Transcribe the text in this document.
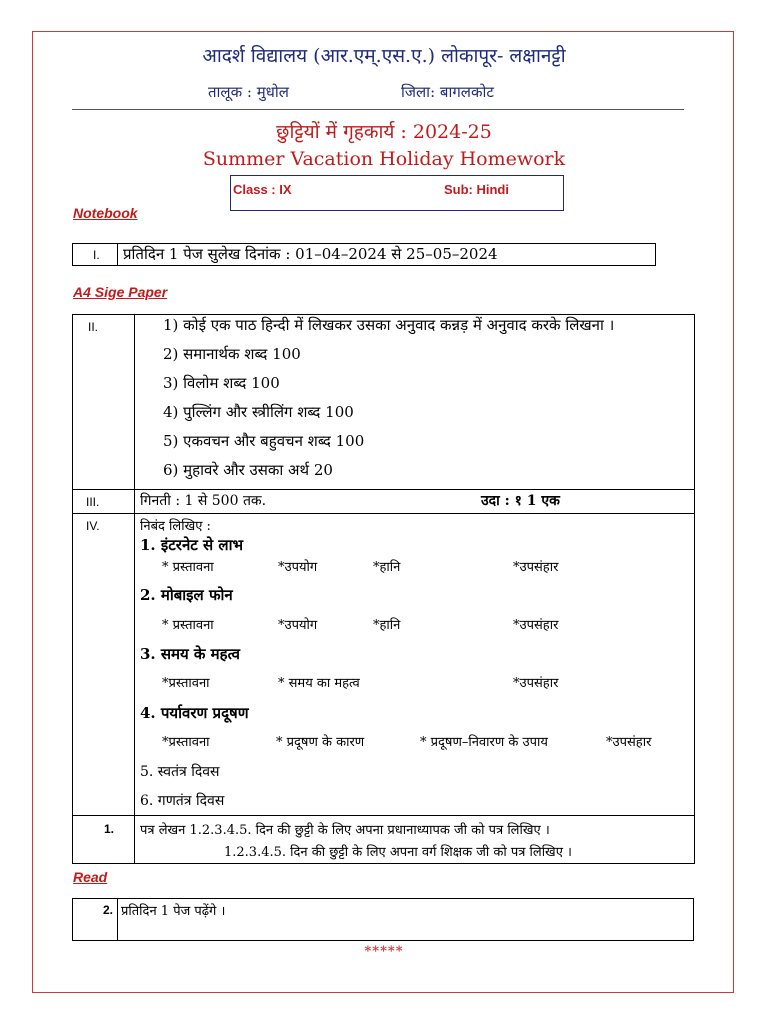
आदर्श विद्यालय (आर.एम्.एस.ए.) लोकापूर- लक्षानट्टी
तालूक : मुधोल	जिला: बागलकोट
छुट्टियों में गृहकार्य : 2024-25
Summer Vacation Holiday Homework
Class : IX	Sub: Hindi
Notebook
I. प्रतिदिन 1 पेज सुलेख दिनांक : 01–04–2024 से 25–05–2024
A4 Sige Paper
II.	1) कोई एक पाठ हिन्दी में लिखकर उसका अनुवाद कन्नड़ में अनुवाद करके लिखना ।
2) समानार्थक शब्द 100
3) विलोम शब्द 100
4) पुल्लिंग और स्त्रीलिंग शब्द 100
5) एकवचन और बहुवचन शब्द 100
6) मुहावरे और उसका अर्थ 20
III.	गिनती : 1 से 500 तक.	उदा : १ 1 एक
IV.	निबंद लिखिए :
1. इंटरनेट से लाभ
* प्रस्तावना	*उपयोग	*हानि	*उपसंहार
2. मोबाइल फोन
* प्रस्तावना	*उपयोग	*हानि	*उपसंहार
3. समय के महत्व
*प्रस्तावना	* समय का महत्व	*उपसंहार
4. पर्यावरण प्रदूषण
*प्रस्तावना	* प्रदूषण के कारण	* प्रदूषण–निवारण के उपाय	*उपसंहार
5. स्वतंत्र दिवस
6. गणतंत्र दिवस
1. पत्र लेखन 1.2.3.4.5. दिन की छुट्टी के लिए अपना प्रधानाध्यापक जी को पत्र लिखिए ।
1.2.3.4.5. दिन की छुट्टी के लिए अपना वर्ग शिक्षक जी को पत्र लिखिए ।
Read
2. प्रतिदिन 1 पेज पढ़ेंगे ।
*****
